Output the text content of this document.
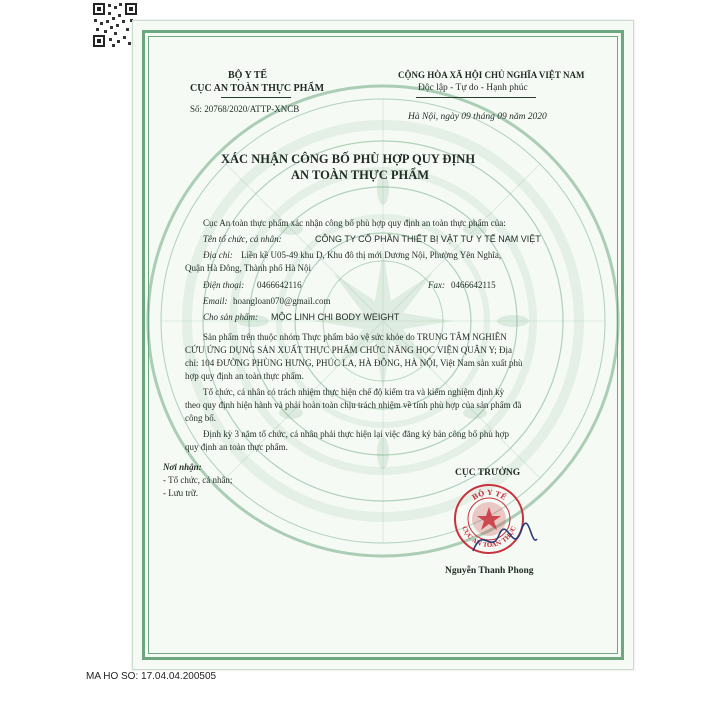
BỘ Y TẾ
CỤC AN TOÀN THỰC PHẨM
Số: 20768/2020/ATTP-XNCB
CỘNG HÒA XÃ HỘI CHỦ NGHĨA VIỆT NAM
Độc lập - Tự do - Hạnh phúc
Hà Nội, ngày 09 tháng 09 năm 2020
XÁC NHẬN CÔNG BỐ PHÙ HỢP QUY ĐỊNH
AN TOÀN THỰC PHẨM
Cục An toàn thực phẩm xác nhận công bố phù hợp quy định an toàn thực phẩm của:
Tên tổ chức, cá nhân:	CÔNG TY CỔ PHẦN THIẾT BỊ VẬT TƯ Y TẾ NAM VIỆT
Địa chỉ: Liền kề U05-49 khu D, Khu đô thị mới Dương Nội, Phường Yên Nghĩa,
Quận Hà Đông, Thành phố Hà Nội
Điện thoại: 0466642116	Fax: 0466642115
Email: hoangloan070@gmail.com
Cho sản phẩm: MỘC LINH CHI BODY WEIGHT
Sản phẩm trên thuộc nhóm Thực phẩm bảo vệ sức khỏe do TRUNG TÂM NGHIÊN
CỨU ỨNG DỤNG SẢN XUẤT THỰC PHẨM CHỨC NĂNG HỌC VIỆN QUÂN Y; Địa
chỉ: 104 ĐƯỜNG PHÙNG HƯNG, PHÚC LA, HÀ ĐÔNG, HÀ NỘI, Việt Nam sản xuất phù
hợp quy định an toàn thực phẩm.
Tổ chức, cá nhân có trách nhiệm thực hiện chế độ kiểm tra và kiểm nghiệm định kỳ
theo quy định hiện hành và phải hoàn toàn chịu trách nhiệm về tính phù hợp của sản phẩm đã
công bố.
Định kỳ 3 năm tổ chức, cá nhân phải thực hiện lại việc đăng ký bản công bố phù hợp
quy định an toàn thực phẩm.
Nơi nhận:
- Tổ chức, cá nhân;
- Lưu trữ.
CỤC TRƯỞNG
BỘ Y TẾ
CỤC AN TOÀN THỰC
Nguyễn Thanh Phong
MA HO SO: 17.04.04.200505
